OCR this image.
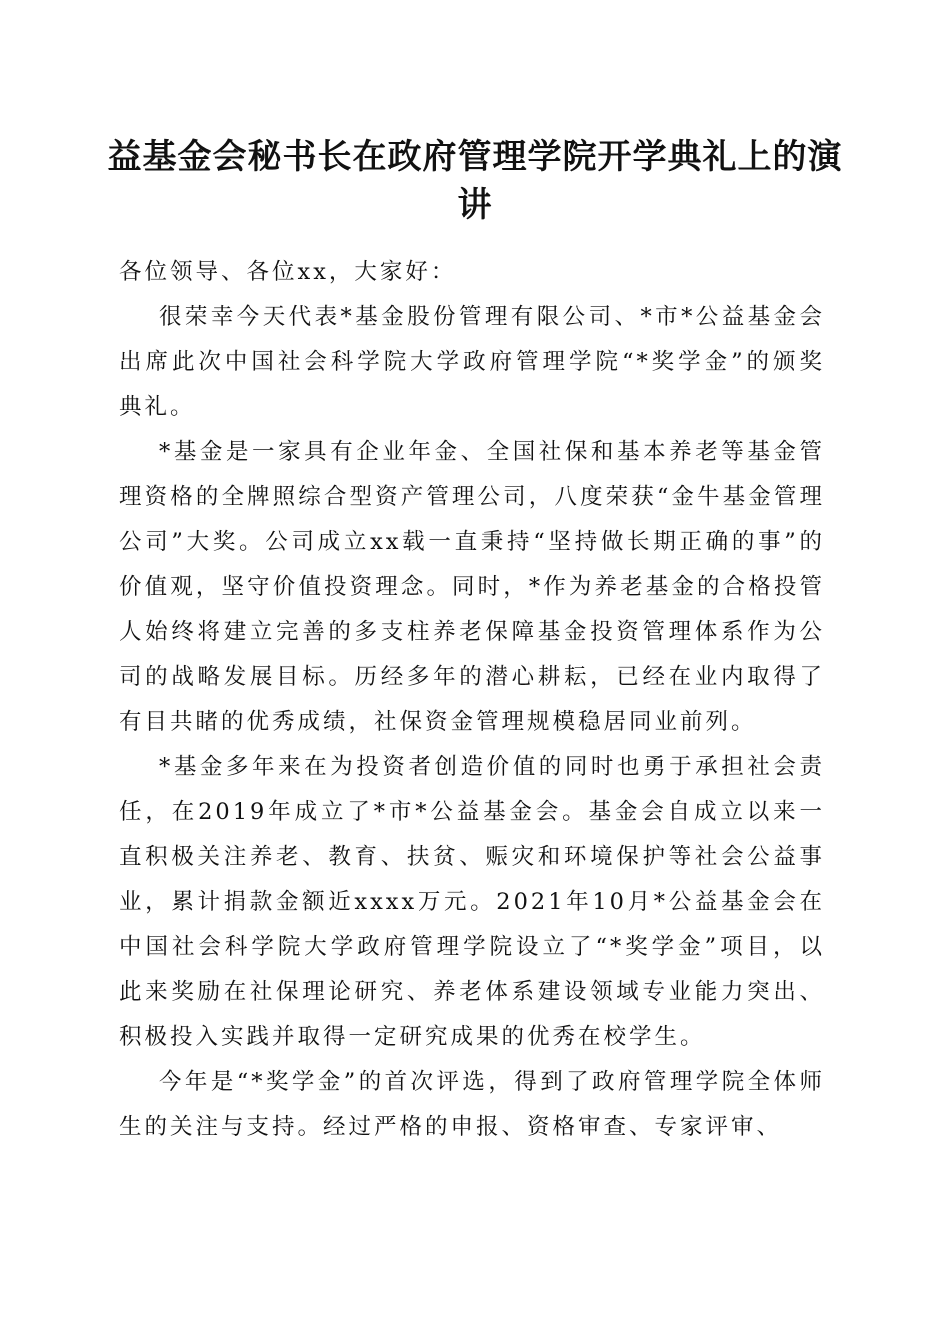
益基金会秘书长在政府管理学院开学典礼上的演讲

各位领导、各位xx，大家好：

很荣幸今天代表*基金股份管理有限公司、*市*公益基金会出席此次中国社会科学院大学政府管理学院“*奖学金”的颁奖典礼。

*基金是一家具有企业年金、全国社保和基本养老等基金管理资格的全牌照综合型资产管理公司，八度荣获“金牛基金管理公司”大奖。公司成立xx载一直秉持“坚持做长期正确的事”的价值观，坚守价值投资理念。同时，*作为养老基金的合格投管人始终将建立完善的多支柱养老保障基金投资管理体系作为公司的战略发展目标。历经多年的潜心耕耘，已经在业内取得了有目共睹的优秀成绩，社保资金管理规模稳居同业前列。

*基金多年来在为投资者创造价值的同时也勇于承担社会责任，在2019年成立了*市*公益基金会。基金会自成立以来一直积极关注养老、教育、扶贫、赈灾和环境保护等社会公益事业，累计捐款金额近xxxx万元。2021年10月*公益基金会在中国社会科学院大学政府管理学院设立了“*奖学金”项目，以此来奖励在社保理论研究、养老体系建设领域专业能力突出、积极投入实践并取得一定研究成果的优秀在校学生。

今年是“*奖学金”的首次评选，得到了政府管理学院全体师生的关注与支持。经过严格的申报、资格审查、专家评审、
